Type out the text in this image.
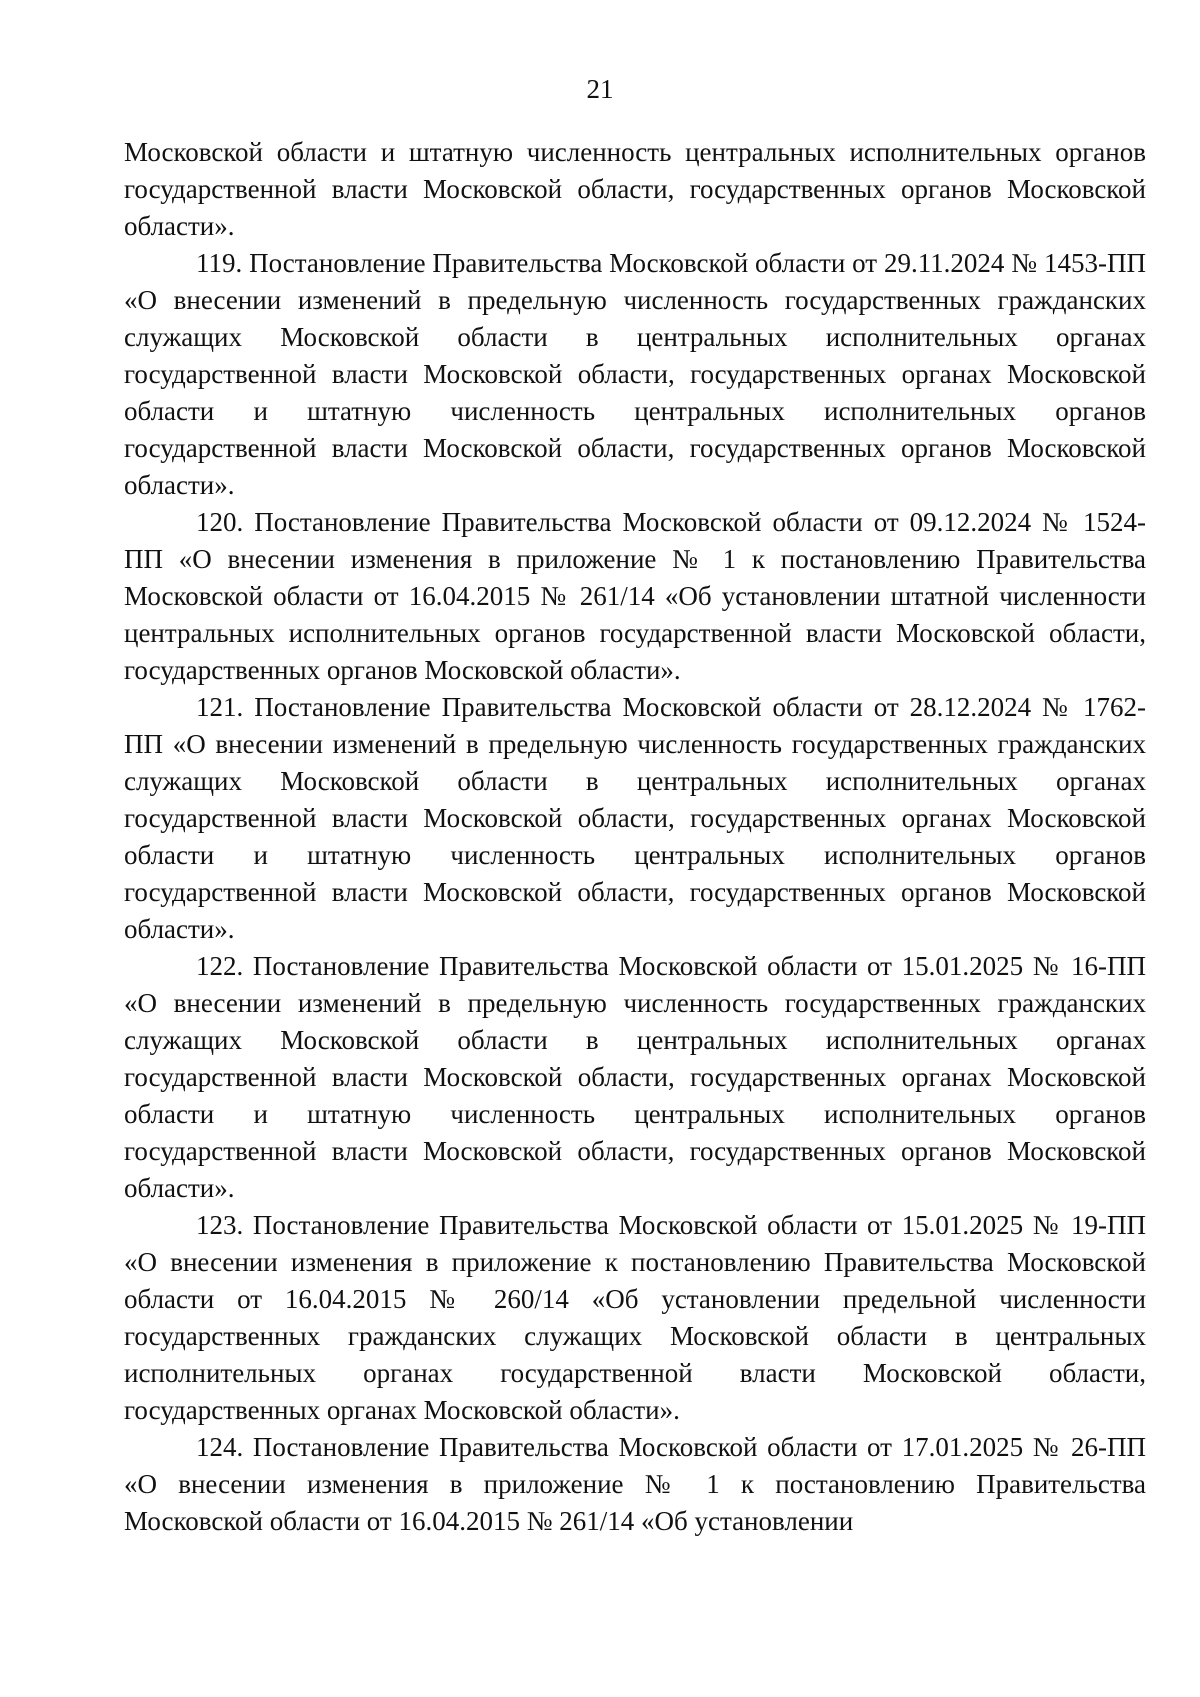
21

Московской области и штатную численность центральных исполнительных органов государственной власти Московской области, государственных органов Московской области».

119. Постановление Правительства Московской области от 29.11.2024 № 1453-ПП «О внесении изменений в предельную численность государственных гражданских служащих Московской области в центральных исполнительных органах государственной власти Московской области, государственных органах Московской области и штатную численность центральных исполнительных органов государственной власти Московской области, государственных органов Московской области».

120. Постановление Правительства Московской области от 09.12.2024 № 1524-ПП «О внесении изменения в приложение № 1 к постановлению Правительства Московской области от 16.04.2015 № 261/14 «Об установлении штатной численности центральных исполнительных органов государственной власти Московской области, государственных органов Московской области».

121. Постановление Правительства Московской области от 28.12.2024 № 1762-ПП «О внесении изменений в предельную численность государственных гражданских служащих Московской области в центральных исполнительных органах государственной власти Московской области, государственных органах Московской области и штатную численность центральных исполнительных органов государственной власти Московской области, государственных органов Московской области».

122. Постановление Правительства Московской области от 15.01.2025 № 16-ПП «О внесении изменений в предельную численность государственных гражданских служащих Московской области в центральных исполнительных органах государственной власти Московской области, государственных органах Московской области и штатную численность центральных исполнительных органов государственной власти Московской области, государственных органов Московской области».

123. Постановление Правительства Московской области от 15.01.2025 № 19-ПП «О внесении изменения в приложение к постановлению Правительства Московской области от 16.04.2015 № 260/14 «Об установлении предельной численности государственных гражданских служащих Московской области в центральных исполнительных органах государственной власти Московской области, государственных органах Московской области».

124. Постановление Правительства Московской области от 17.01.2025 № 26-ПП «О внесении изменения в приложение № 1 к постановлению Правительства Московской области от 16.04.2015 № 261/14 «Об установлении
